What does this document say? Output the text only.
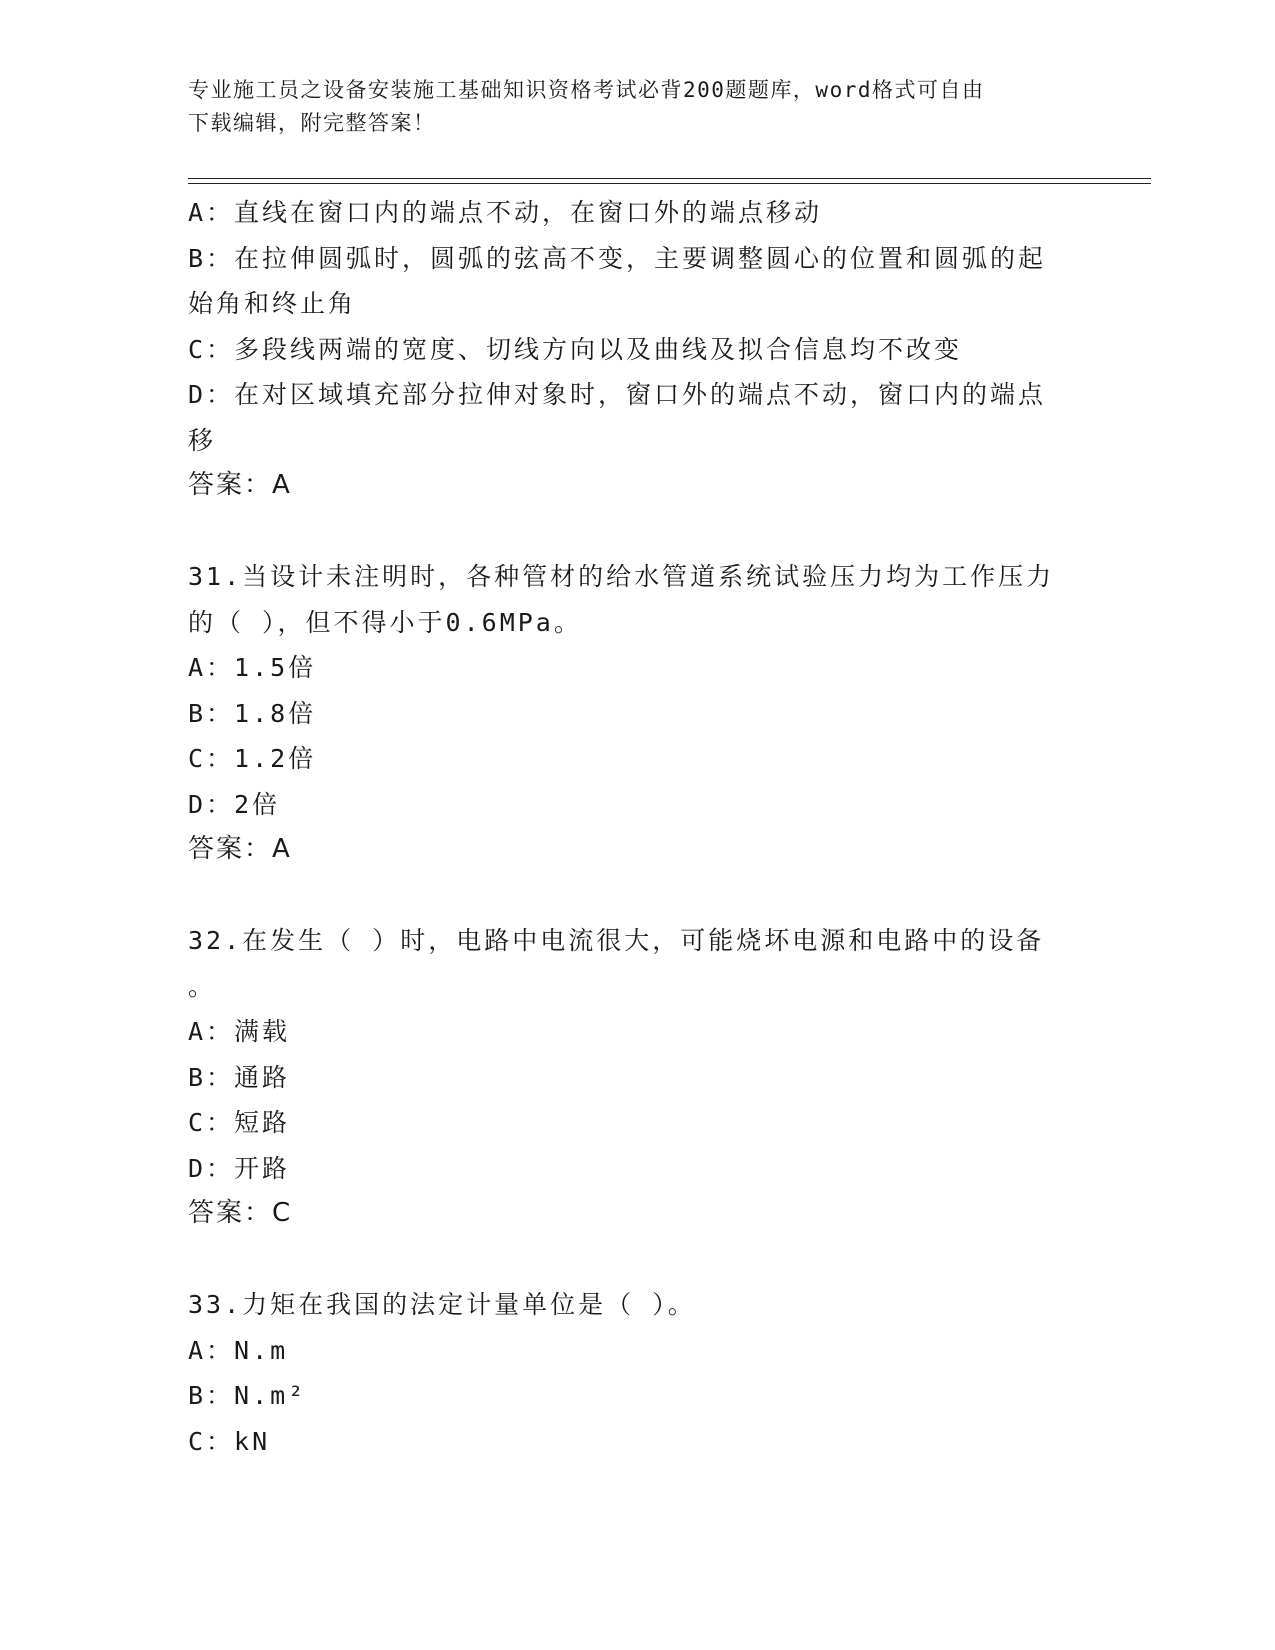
专业施工员之设备安装施工基础知识资格考试必背200题题库，word格式可自由
下载编辑，附完整答案！
A：直线在窗口内的端点不动，在窗口外的端点移动
B：在拉伸圆弧时，圆弧的弦高不变，主要调整圆心的位置和圆弧的起
始角和终止角
C：多段线两端的宽度、切线方向以及曲线及拟合信息均不改变
D：在对区域填充部分拉伸对象时，窗口外的端点不动，窗口内的端点
移
答案：A
31.当设计未注明时，各种管材的给水管道系统试验压力均为工作压力
的（ ），但不得小于0.6MPa。
A：1.5倍
B：1.8倍
C：1.2倍
D：2倍
答案：A
32.在发生（ ）时，电路中电流很大，可能烧坏电源和电路中的设备
。
A：满载
B：通路
C：短路
D：开路
答案：C
33.力矩在我国的法定计量单位是（ ）。
A：N.m
B：N.m²
C：kN
